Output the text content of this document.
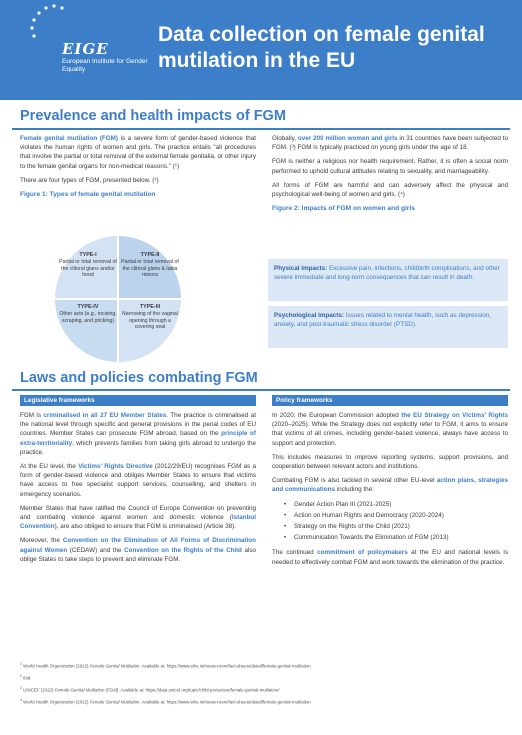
EIGE
European Institute for Gender Equality
Data collection on female genital mutilation in the EU
Prevalence and health impacts of FGM

Female genital mutilation (FGM) is a severe form of gender-based violence that violates the human rights of women and girls. The practice entails "all procedures that involve the partial or total removal of the external female genitalia, or other injury to the female genital organs for non-medical reasons." (¹)

There are four types of FGM, presented below. (²)

Figure 1: Types of female genital mutilation
TYPE-I
Partial or total removal of the clitoral glans and/or hood
TYPE-II
Partial or total removal of the clitoral glans & labia minora
TYPE-IV
Other acts (e.g., incising, scraping, and pricking)
TYPE-III
Narrowing of the vaginal opening through a covering seal

Globally, over 200 million women and girls in 31 countries have been subjected to FGM. (³) FGM is typically practiced on young girls under the age of 18.

FGM is neither a religious nor health requirement. Rather, it is often a social norm performed to uphold cultural attitudes relating to sexuality, and marriageability.

All forms of FGM are harmful and can adversely affect the physical and psychological well-being of women and girls. (⁴)

Figure 2: Impacts of FGM on women and girls
Physical impacts: Excessive pain, infections, childbirth complications, and other severe immediate and long-term consequences that can result in death.
Psychological impacts: Issues related to mental health, such as depression, anxiety, and post-traumatic stress disorder (PTSD).
Laws and policies combating FGM
Legislative frameworks

FGM is criminalised in all 27 EU Member States. The practice is criminalised at the national level through specific and general provisions in the penal codes of EU countries. Member States can prosecute FGM abroad, based on the principle of extra-territoriality, which prevents families from taking girls abroad to undergo the practice.

At the EU level, the Victims' Rights Directive (2012/29/EU) recognises FGM as a form of gender-based violence and obliges Member States to ensure that victims have access to free specialist support services, counselling, and shelters in emergency scenarios.

Member States that have ratified the Council of Europe Convention on preventing and combating violence against women and domestic violence (Istanbul Convention), are also obliged to ensure that FGM is criminalised (Article 38).

Moreover, the Convention on the Elimination of All Forms of Discrimination against Women (CEDAW) and the Convention on the Rights of the Child also oblige States to take steps to prevent and eliminate FGM.

Policy frameworks

In 2020, the European Commission adopted the EU Strategy on Victims' Rights (2020–2025). While the Strategy does not explicitly refer to FGM, it aims to ensure that victims of all crimes, including gender-based violence, always have access to support and protection.

This includes measures to improve reporting systems, support provisions, and cooperation between relevant actors and institutions.

Combating FGM is also tackled in several other EU-level action plans, strategies and communications including the:

• Gender Action Plan III (2021-2025)
• Action on Human Rights and Democracy (2020-2024)
• Strategy on the Rights of the Child (2021)
• Communication Towards the Elimination of FGM (2013)

The continued commitment of policymakers at the EU and national levels is needed to effectively combat FGM and work towards the elimination of the practice.

$^1$ World Health Organization (2022) Female Genital Mutilation. Available at: https://www.who.int/news-room/fact-sheets/detail/female-genital-mutilation
$^2$ Ibid
$^3$ UNICEF (2022) Female Genital Mutilation (FGM). Available at: https://data.unicef.org/topic/child-protection/female-genital-mutilation/
$^4$ World Health Organization (2022) Female Genital Mutilation. Available at: https://www.who.int/news-room/fact-sheets/detail/female-genital-mutilation
